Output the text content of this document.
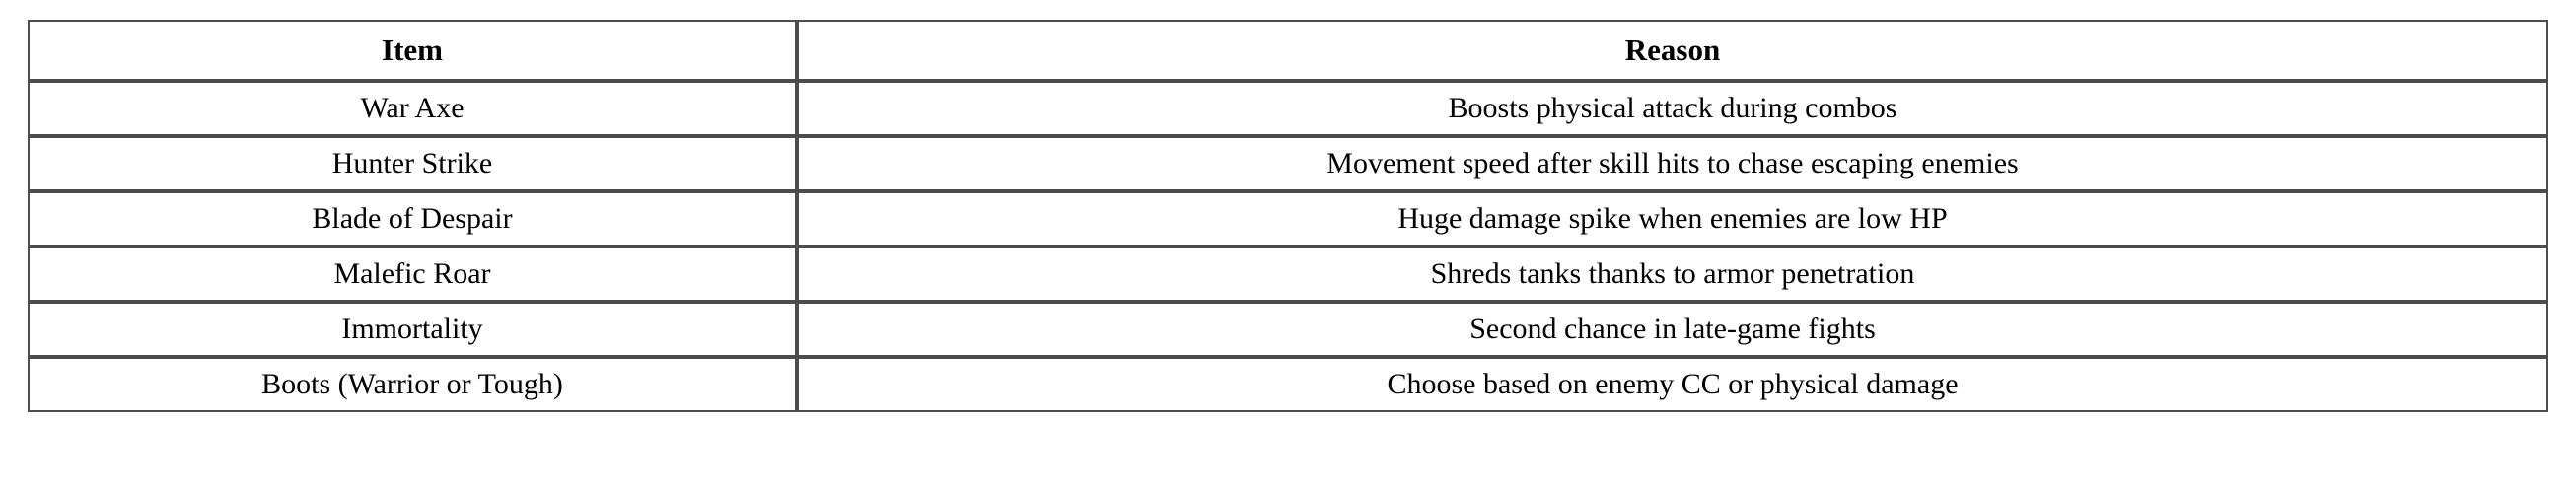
Item	Reason
War Axe	Boosts physical attack during combos
Hunter Strike	Movement speed after skill hits to chase escaping enemies
Blade of Despair	Huge damage spike when enemies are low HP
Malefic Roar	Shreds tanks thanks to armor penetration
Immortality	Second chance in late-game fights
Boots (Warrior or Tough)	Choose based on enemy CC or physical damage
